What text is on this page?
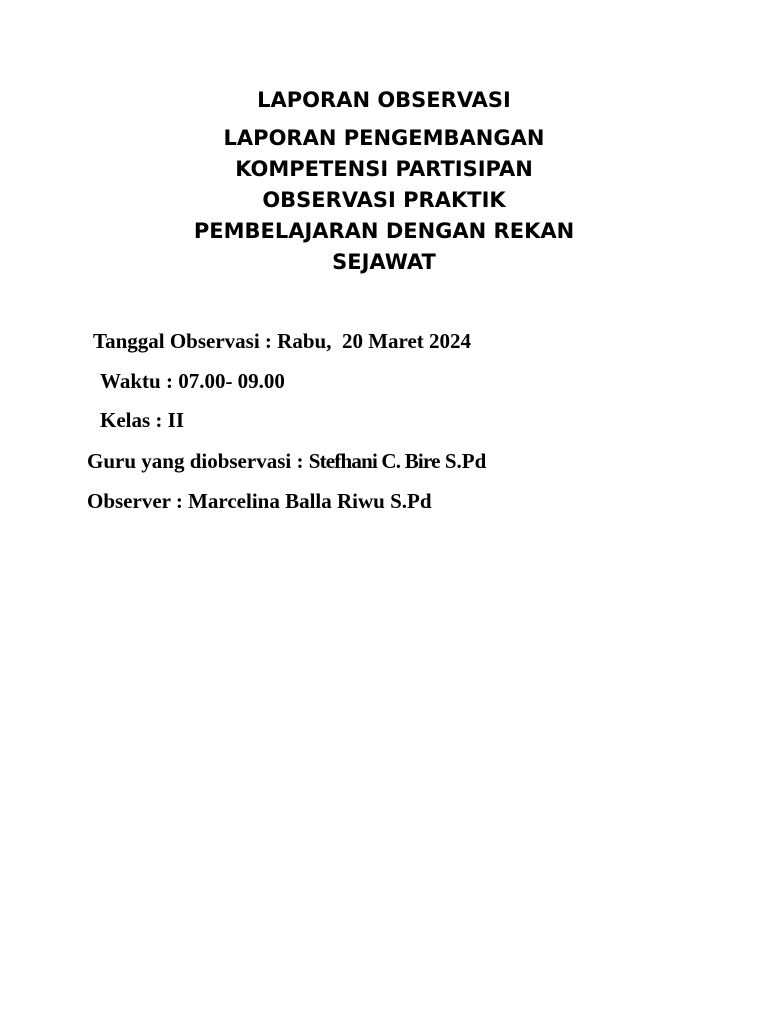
LAPORAN OBSERVASI
LAPORAN PENGEMBANGAN
KOMPETENSI PARTISIPAN
OBSERVASI PRAKTIK
PEMBELAJARAN DENGAN REKAN
SEJAWAT

Tanggal Observasi : Rabu,  20 Maret 2024

Waktu : 07.00- 09.00

Kelas : II

Guru yang diobservasi : Stefhani C. Bire S.Pd

Observer : Marcelina Balla Riwu S.Pd
